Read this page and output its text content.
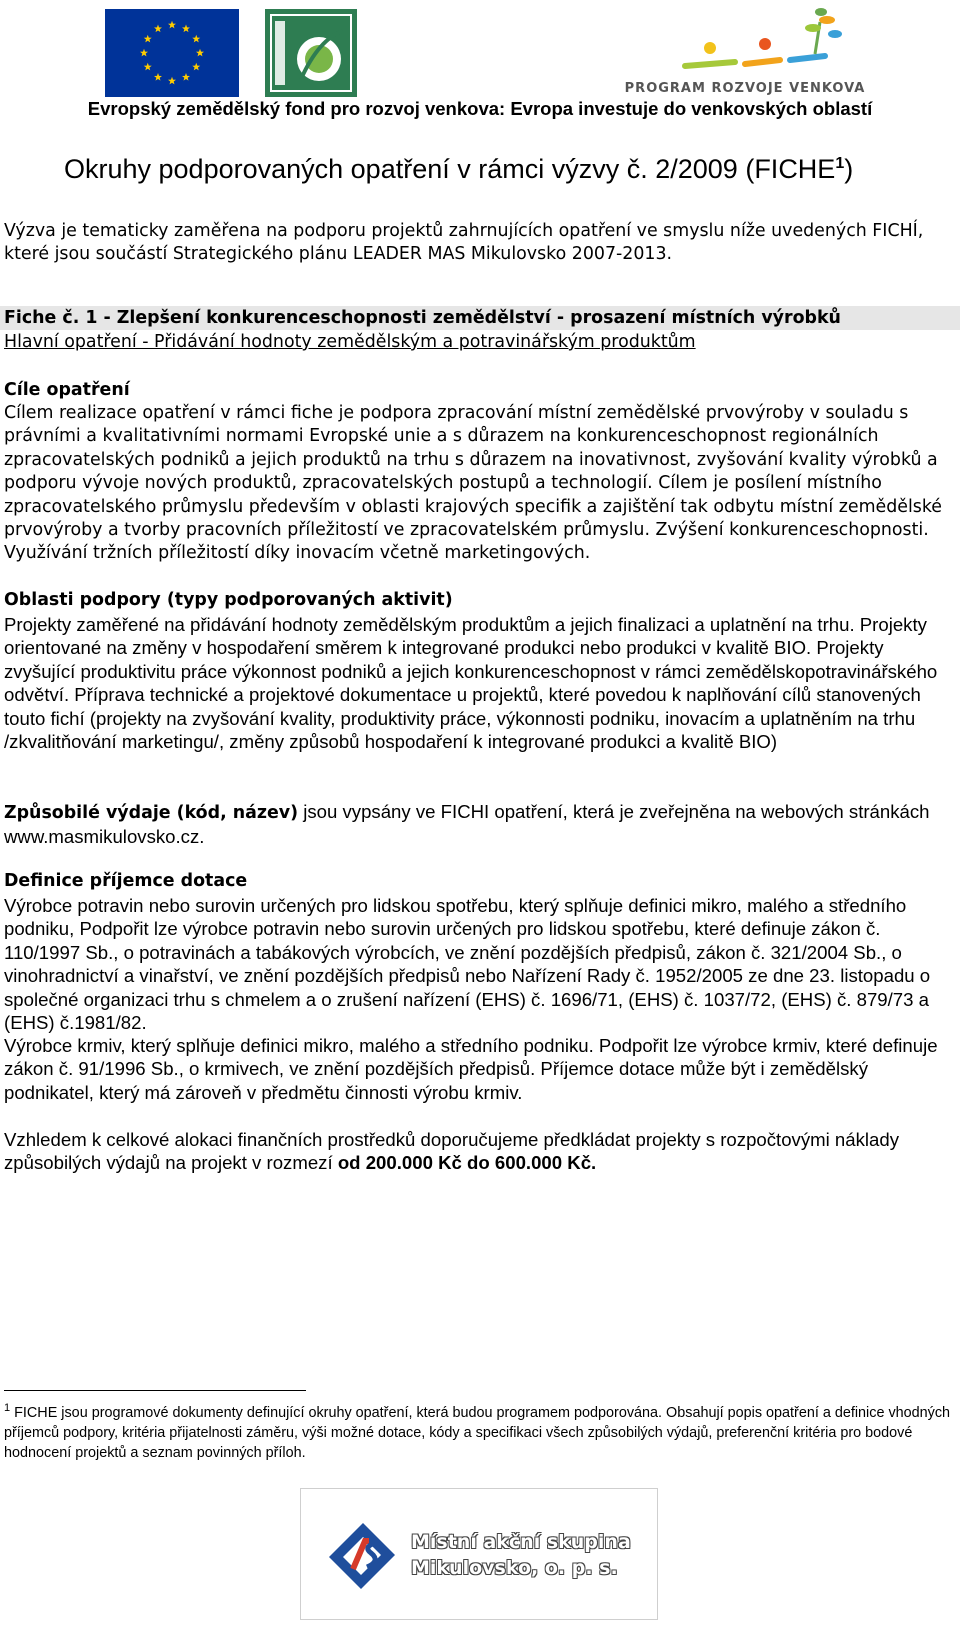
PROGRAM ROZVOJE VENKOVA
Evropský zemědělský fond pro rozvoj venkova: Evropa investuje do venkovských oblastí
Okruhy podporovaných opatření v rámci výzvy č. 2/2009 (FICHE$^1$)
Výzva je tematicky zaměřena na podporu projektů zahrnujících opatření ve smyslu níže uvedených FICHÍ, které jsou součástí Strategického plánu LEADER MAS Mikulovsko 2007-2013.
Fiche č. 1 - Zlepšení konkurenceschopnosti zemědělství - prosazení místních výrobků
Hlavní opatření - Přidávání hodnoty zemědělským a potravinářským produktům
Cíle opatření
Cílem realizace opatření v rámci fiche je podpora zpracování místní zemědělské prvovýroby v souladu s právními a kvalitativními normami Evropské unie a s důrazem na konkurenceschopnost regionálních zpracovatelských podniků a jejich produktů na trhu s důrazem na inovativnost, zvyšování kvality výrobků a podporu vývoje nových produktů, zpracovatelských postupů a technologií. Cílem je posílení místního zpracovatelského průmyslu především v oblasti krajových specifik a zajištění tak odbytu místní zemědělské prvovýroby a tvorby pracovních příležitostí ve zpracovatelském průmyslu. Zvýšení konkurenceschopnosti. Využívání tržních příležitostí díky inovacím včetně marketingových.
Oblasti podpory (typy podporovaných aktivit)
Projekty zaměřené na přidávání hodnoty zemědělským produktům a jejich finalizaci a uplatnění na trhu. Projekty orientované na změny v hospodaření směrem k integrované produkci nebo produkci v kvalitě BIO. Projekty zvyšující produktivitu práce výkonnost podniků a jejich konkurenceschopnost v rámci zemědělskopotravinářského odvětví. Příprava technické a projektové dokumentace u projektů, které povedou k naplňování cílů stanovených touto fichí (projekty na zvyšování kvality, produktivity práce, výkonnosti podniku, inovacím a uplatněním na trhu /zkvalitňování marketingu/, změny způsobů hospodaření k integrované produkci a kvalitě BIO)
Způsobilé výdaje (kód, název) jsou vypsány ve FICHI opatření, která je zveřejněna na webových stránkách www.masmikulovsko.cz.
Definice příjemce dotace
Výrobce potravin nebo surovin určených pro lidskou spotřebu, který splňuje definici mikro, malého a středního podniku, Podpořit lze výrobce potravin nebo surovin určených pro lidskou spotřebu, které definuje zákon č. 110/1997 Sb., o potravinách a tabákových výrobcích, ve znění pozdějších předpisů, zákon č. 321/2004 Sb., o vinohradnictví a vinařství, ve znění pozdějších předpisů nebo Nařízení Rady č. 1952/2005 ze dne 23. listopadu o společné organizaci trhu s chmelem a o zrušení nařízení (EHS) č. 1696/71, (EHS) č. 1037/72, (EHS) č. 879/73 a (EHS) č.1981/82.
Výrobce krmiv, který splňuje definici mikro, malého a středního podniku. Podpořit lze výrobce krmiv, které definuje zákon č. 91/1996 Sb., o krmivech, ve znění pozdějších předpisů. Příjemce dotace může být i zemědělský podnikatel, který má zároveň v předmětu činnosti výrobu krmiv.
Vzhledem k celkové alokaci finančních prostředků doporučujeme předkládat projekty s rozpočtovými náklady způsobilých výdajů na projekt v rozmezí od 200.000 Kč do 600.000 Kč.
$^1$ FICHE jsou programové dokumenty definující okruhy opatření, která budou programem podporována. Obsahují popis opatření a definice vhodných příjemců podpory, kritéria přijatelnosti záměru, výši možné dotace, kódy a specifikaci všech způsobilých výdajů, preferenční kritéria pro bodové hodnocení projektů a seznam povinných příloh.
Místní akční skupina
Mikulovsko, o. p. s.
